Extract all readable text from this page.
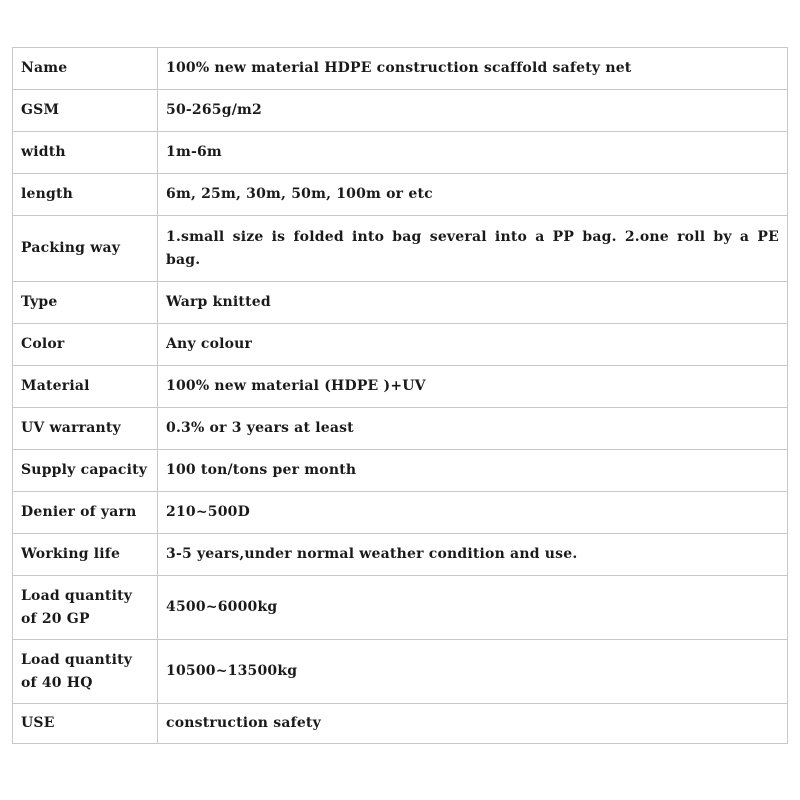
Name	100% new material HDPE construction scaffold safety net
GSM	50-265g/m2
width	1m-6m
length	6m, 25m, 30m, 50m, 100m or etc
Packing way	1.small size is folded into bag several into a PP bag. 2.one roll by a PE bag.
Type	Warp knitted
Color	Any colour
Material	100% new material (HDPE )+UV
UV warranty	0.3% or 3 years at least
Supply capacity	100 ton/tons per month
Denier of yarn	210~500D
Working life	3-5 years,under normal weather condition and use.
Load quantity of 20 GP	4500~6000kg
Load quantity of 40 HQ	10500~13500kg
USE	construction safety
